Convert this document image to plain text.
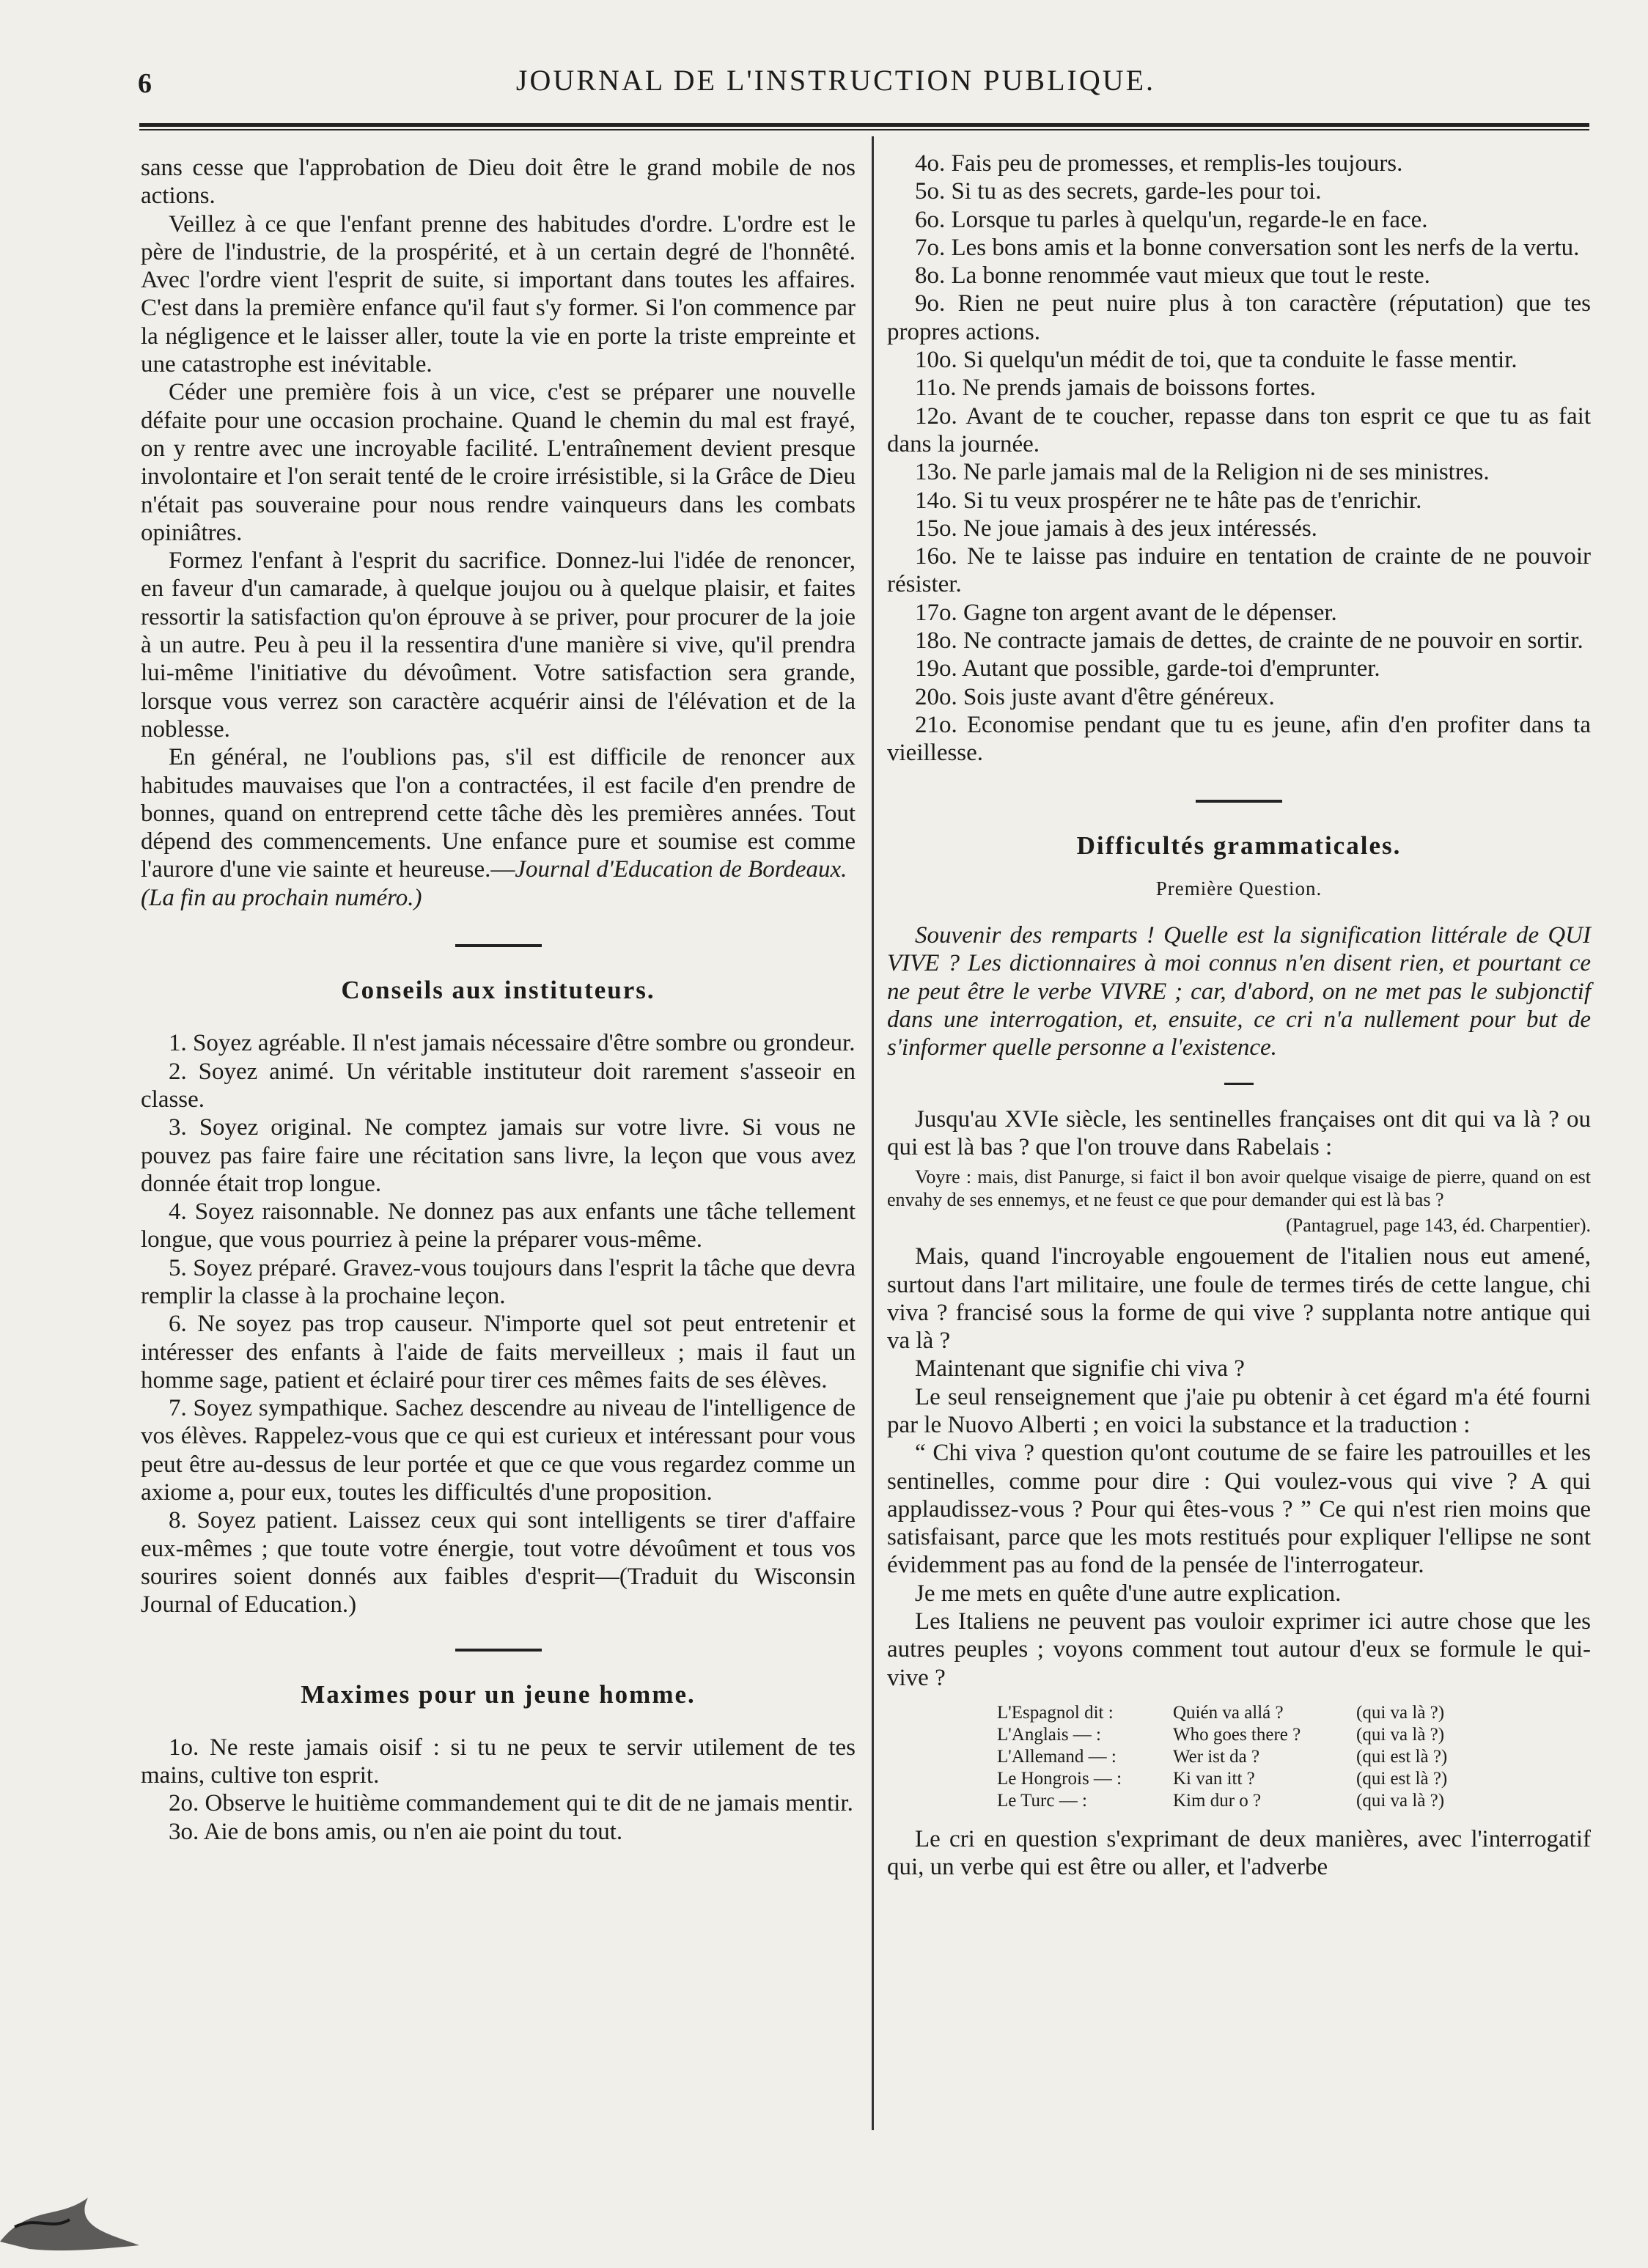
6	JOURNAL DE L'INSTRUCTION PUBLIQUE.

sans cesse que l'approbation de Dieu doit être le grand mobile de nos actions.

Veillez à ce que l'enfant prenne des habitudes d'ordre. L'ordre est le père de l'industrie, de la prospérité, et à un certain degré de l'honnêté. Avec l'ordre vient l'esprit de suite, si important dans toutes les affaires. C'est dans la première enfance qu'il faut s'y former. Si l'on commence par la négligence et le laisser aller, toute la vie en porte la triste empreinte et une catastrophe est inévitable.

Céder une première fois à un vice, c'est se préparer une nouvelle défaite pour une occasion prochaine. Quand le chemin du mal est frayé, on y rentre avec une incroyable facilité. L'entraînement devient presque involontaire et l'on serait tenté de le croire irrésistible, si la Grâce de Dieu n'était pas souveraine pour nous rendre vainqueurs dans les combats opiniâtres.

Formez l'enfant à l'esprit du sacrifice. Donnez-lui l'idée de renoncer, en faveur d'un camarade, à quelque joujou ou à quelque plaisir, et faites ressortir la satisfaction qu'on éprouve à se priver, pour procurer de la joie à un autre. Peu à peu il la ressentira d'une manière si vive, qu'il prendra lui-même l'initiative du dévoûment. Votre satisfaction sera grande, lorsque vous verrez son caractère acquérir ainsi de l'élévation et de la noblesse.

En général, ne l'oublions pas, s'il est difficile de renoncer aux habitudes mauvaises que l'on a contractées, il est facile d'en prendre de bonnes, quand on entreprend cette tâche dès les premières années. Tout dépend des commencements. Une enfance pure et soumise est comme l'aurore d'une vie sainte et heureuse.—Journal d'Education de Bordeaux.

(La fin au prochain numéro.)

Conseils aux instituteurs.

1. Soyez agréable. Il n'est jamais nécessaire d'être sombre ou grondeur.

2. Soyez animé. Un véritable instituteur doit rarement s'asseoir en classe.

3. Soyez original. Ne comptez jamais sur votre livre. Si vous ne pouvez pas faire faire une récitation sans livre, la leçon que vous avez donnée était trop longue.

4. Soyez raisonnable. Ne donnez pas aux enfants une tâche tellement longue, que vous pourriez à peine la préparer vous-même.

5. Soyez préparé. Gravez-vous toujours dans l'esprit la tâche que devra remplir la classe à la prochaine leçon.

6. Ne soyez pas trop causeur. N'importe quel sot peut entretenir et intéresser des enfants à l'aide de faits merveilleux ; mais il faut un homme sage, patient et éclairé pour tirer ces mêmes faits de ses élèves.

7. Soyez sympathique. Sachez descendre au niveau de l'intelligence de vos élèves. Rappelez-vous que ce qui est curieux et intéressant pour vous peut être au-dessus de leur portée et que ce que vous regardez comme un axiome a, pour eux, toutes les difficultés d'une proposition.

8. Soyez patient. Laissez ceux qui sont intelligents se tirer d'affaire eux-mêmes ; que toute votre énergie, tout votre dévoûment et tous vos sourires soient donnés aux faibles d'esprit—(Traduit du Wisconsin Journal of Education.)

Maximes pour un jeune homme.

1o. Ne reste jamais oisif : si tu ne peux te servir utilement de tes mains, cultive ton esprit.

2o. Observe le huitième commandement qui te dit de ne jamais mentir.

3o. Aie de bons amis, ou n'en aie point du tout.

4o. Fais peu de promesses, et remplis-les toujours.

5o. Si tu as des secrets, garde-les pour toi.

6o. Lorsque tu parles à quelqu'un, regarde-le en face.

7o. Les bons amis et la bonne conversation sont les nerfs de la vertu.

8o. La bonne renommée vaut mieux que tout le reste.

9o. Rien ne peut nuire plus à ton caractère (réputation) que tes propres actions.

10o. Si quelqu'un médit de toi, que ta conduite le fasse mentir.

11o. Ne prends jamais de boissons fortes.

12o. Avant de te coucher, repasse dans ton esprit ce que tu as fait dans la journée.

13o. Ne parle jamais mal de la Religion ni de ses ministres.

14o. Si tu veux prospérer ne te hâte pas de t'enrichir.

15o. Ne joue jamais à des jeux intéressés.

16o. Ne te laisse pas induire en tentation de crainte de ne pouvoir résister.

17o. Gagne ton argent avant de le dépenser.

18o. Ne contracte jamais de dettes, de crainte de ne pouvoir en sortir.

19o. Autant que possible, garde-toi d'emprunter.

20o. Sois juste avant d'être généreux.

21o. Economise pendant que tu es jeune, afin d'en profiter dans ta vieillesse.

Difficultés grammaticales.
Première Question.

Souvenir des remparts ! Quelle est la signification littérale de QUI VIVE ? Les dictionnaires à moi connus n'en disent rien, et pourtant ce ne peut être le verbe VIVRE ; car, d'abord, on ne met pas le subjonctif dans une interrogation, et, ensuite, ce cri n'a nullement pour but de s'informer quelle personne a l'existence.

Jusqu'au XVIe siècle, les sentinelles françaises ont dit qui va là ? ou qui est là bas ? que l'on trouve dans Rabelais :

Voyre : mais, dist Panurge, si faict il bon avoir quelque visaige de pierre, quand on est envahy de ses ennemys, et ne feust ce que pour demander qui est là bas ?

(Pantagruel, page 143, éd. Charpentier).

Mais, quand l'incroyable engouement de l'italien nous eut amené, surtout dans l'art militaire, une foule de termes tirés de cette langue, chi viva ? francisé sous la forme de qui vive ? supplanta notre antique qui va là ?

Maintenant que signifie chi viva ?

Le seul renseignement que j'aie pu obtenir à cet égard m'a été fourni par le Nuovo Alberti ; en voici la substance et la traduction :

“ Chi viva ? question qu'ont coutume de se faire les patrouilles et les sentinelles, comme pour dire : Qui voulez-vous qui vive ? A qui applaudissez-vous ? Pour qui êtes-vous ? ” Ce qui n'est rien moins que satisfaisant, parce que les mots restitués pour expliquer l'ellipse ne sont évidemment pas au fond de la pensée de l'interrogateur.

Je me mets en quête d'une autre explication.

Les Italiens ne peuvent pas vouloir exprimer ici autre chose que les autres peuples ; voyons comment tout autour d'eux se formule le qui-vive ?

L'Espagnol dit :	Quién va allá ?	(qui va là ?)
L'Anglais — :	Who goes there ?	(qui va là ?)
L'Allemand — :	Wer ist da ?	(qui est là ?)
Le Hongrois — :	Ki van itt ?	(qui est là ?)
Le Turc — :	Kim dur o ?	(qui va là ?)

Le cri en question s'exprimant de deux manières, avec l'interrogatif qui, un verbe qui est être ou aller, et l'adverbe
